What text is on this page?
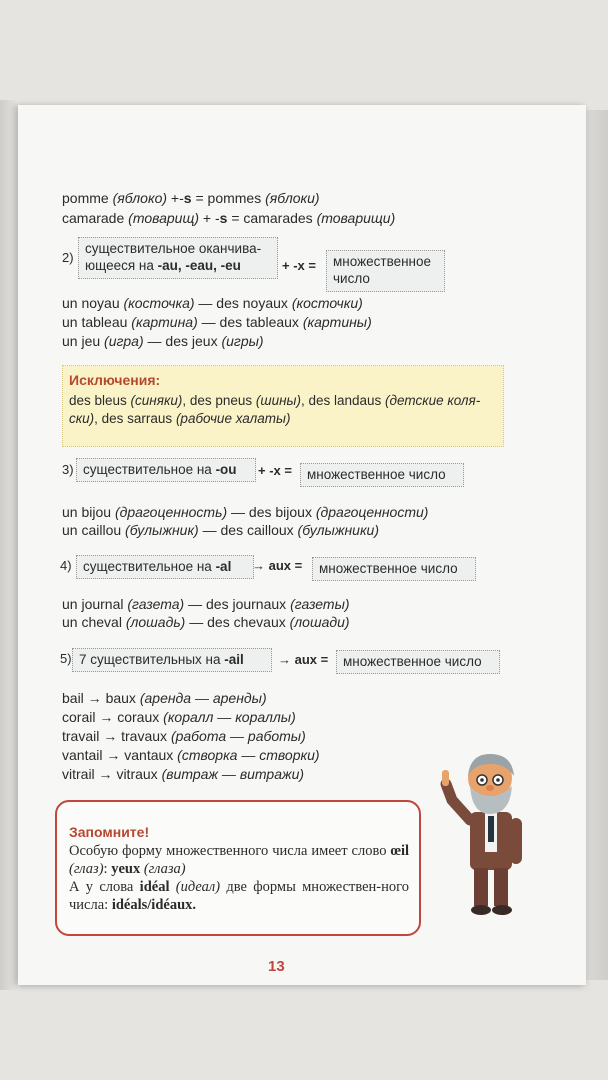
pomme (яблоко) +-s = pommes (яблоки)
camarade (товарищ) + -s = camarades (товарищи)
2)
существительное оканчива-
ющееся на -au, -eau, -eu	+ -x = множественное
число
un noyau (косточка) — des noyaux (косточки)
un tableau (картина) — des tableaux (картины)
un jeu (игра) — des jeux (игры)
Исключения:
des bleus (синяки), des pneus (шины), des landaus (детские коля-
ски), des sarraus (рабочие халаты)
3) существительное на -ou	+ -x =	множественное число
un bijou (драгоценность) — des bijoux (драгоценности)
un caillou (булыжник) — des cailloux (булыжники)
4) существительное на -al	→ aux =	множественное число
un journal (газета) — des journaux (газеты)
un cheval (лошадь) — des chevaux (лошади)
5) 7 существительных на -ail	→ aux =	множественное число
bail → baux (аренда — аренды)
corail → coraux (коралл — кораллы)
travail → travaux (работа — работы)
vantail → vantaux (створка — створки)
vitrail → vitraux (витраж — витражи)
Запомните!
Особую форму множественного числа имеет слово œil (глаз): yeux (глаза)
А у слова idéal (идеал) две формы множествен-ного числа: idéals/idéaux.
13
